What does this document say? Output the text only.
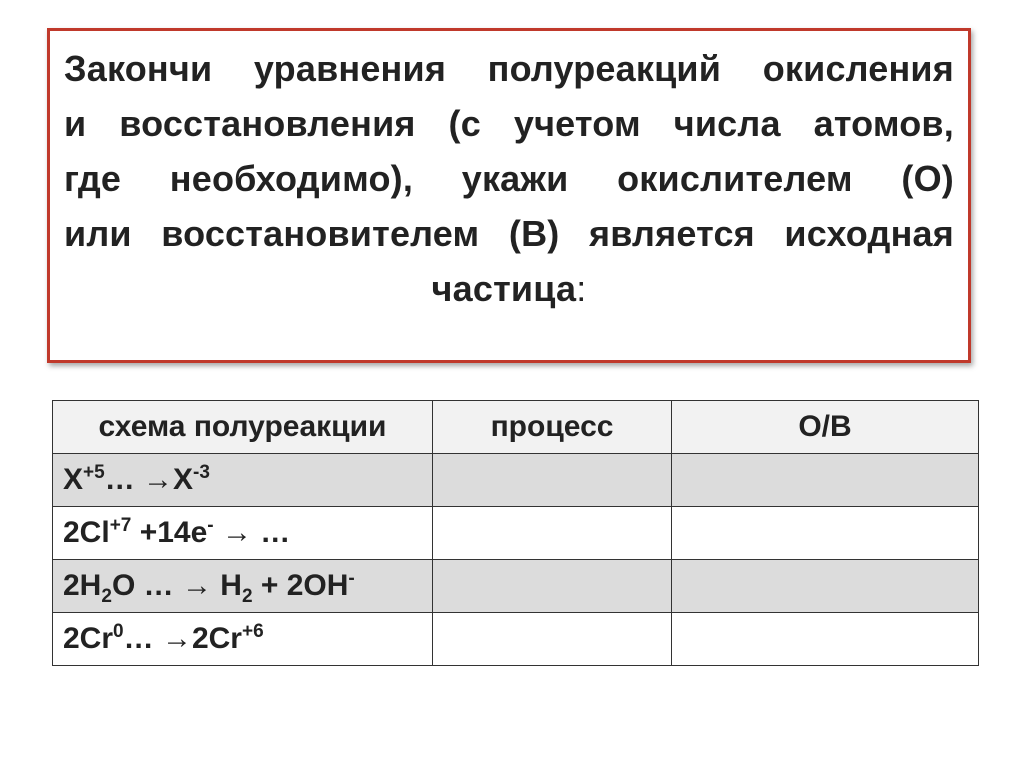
Закончи уравнения полуреакций окисления
и восстановления (с учетом числа атомов,
где необходимо), укажи окислителем (О)
или восстановителем (В) является исходная
частица:
схема полуреакции	процесс	О/В
$X^{+5}\dots \to X^{-3}$		
$2Cl^{+7} +14e^-$ → …		
$2H_2O$ … → $H_2 + 2OH^-$		
$2Cr^0\dots \to 2Cr^{+6}$		
